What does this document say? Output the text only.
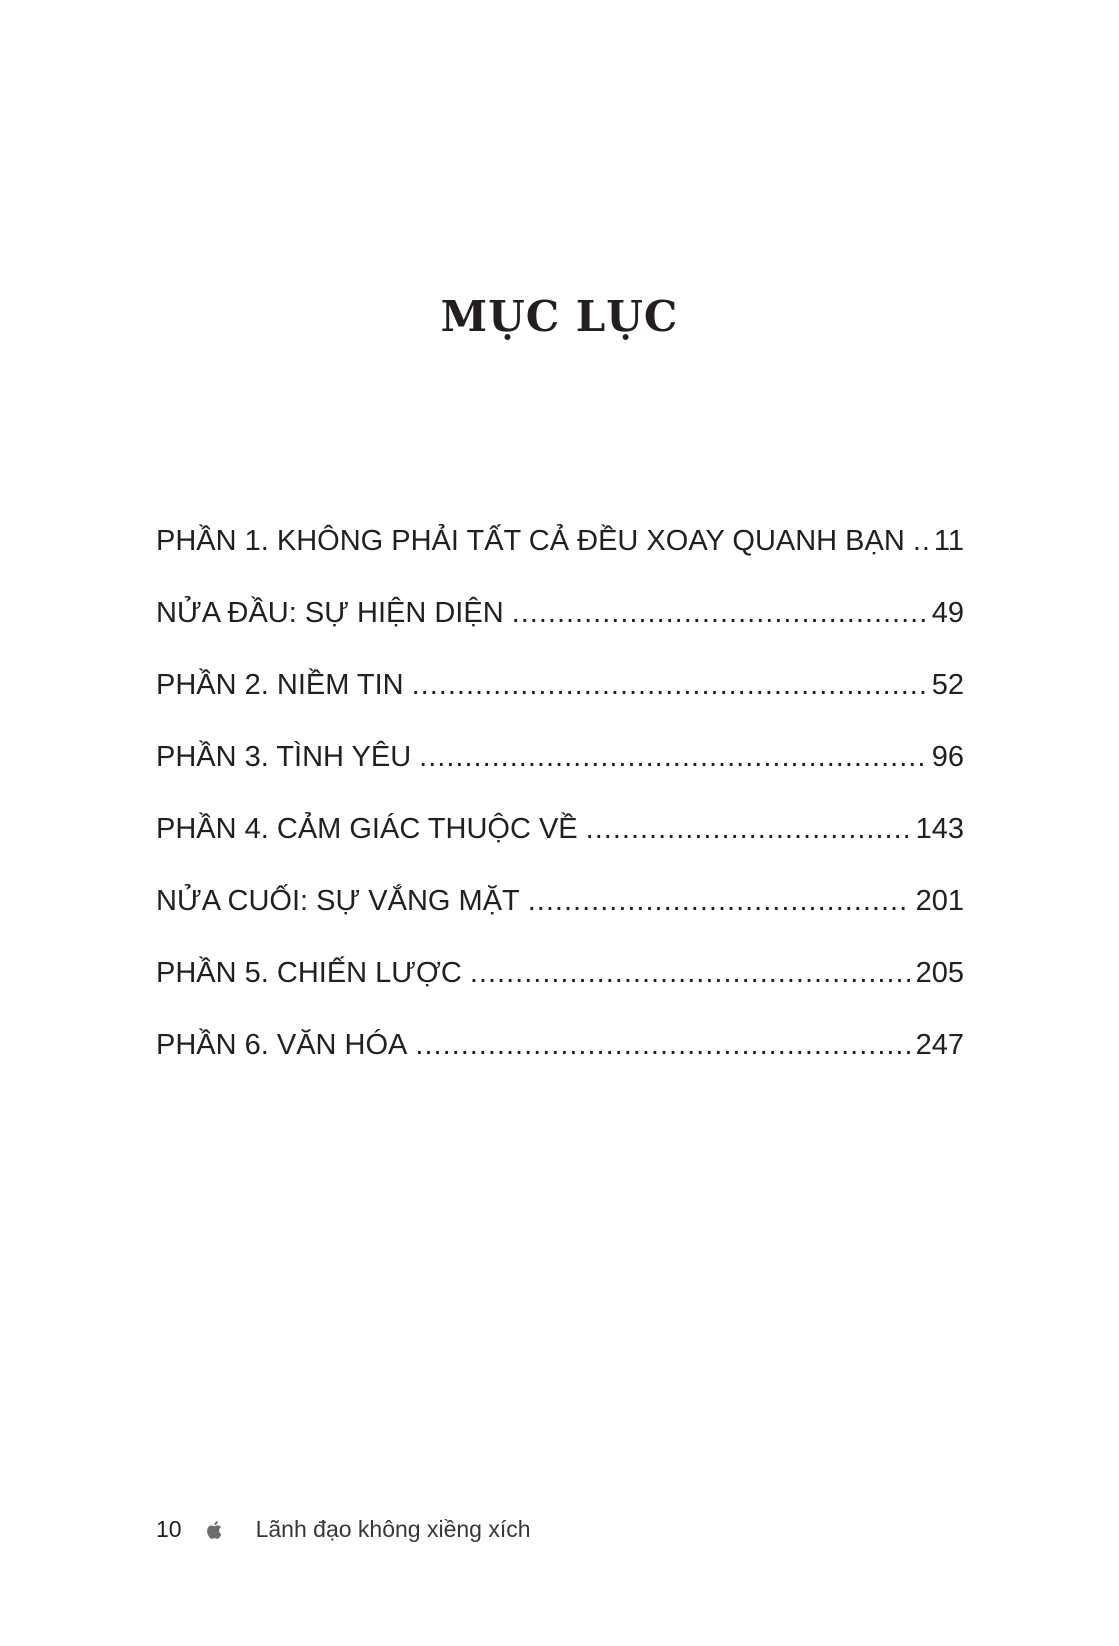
MỤC LỤC
PHẦN 1. KHÔNG PHẢI TẤT CẢ ĐỀU XOAY QUANH BẠN ..... 11
NỬA ĐẦU: SỰ HIỆN DIỆN .....	49
PHẦN 2. NIỀM TIN .....	52
PHẦN 3. TÌNH YÊU .....	96
PHẦN 4. CẢM GIÁC THUỘC VỀ .....	143
NỬA CUỐI: SỰ VẮNG MẶT .....	201
PHẦN 5. CHIẾN LƯỢC .....	205
PHẦN 6. VĂN HÓA .....	247
10	Lãnh đạo không xiềng xích
